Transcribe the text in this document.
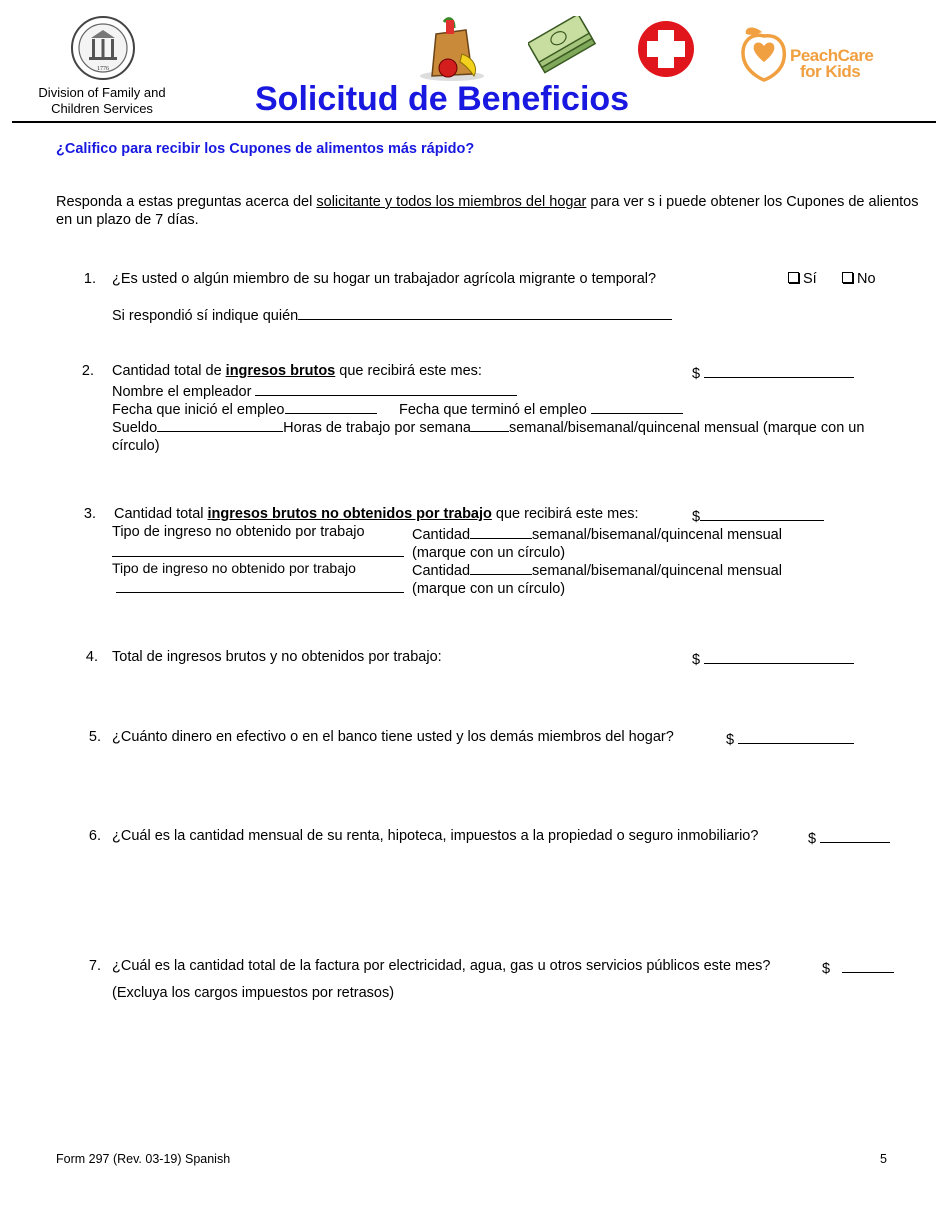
1776
Division of Family and
Children Services
PeachCare
for Kids
Solicitud de Beneficios
¿Califico para recibir los Cupones de alimentos más rápido?
Responda a estas preguntas acerca del solicitante y todos los miembros del hogar para ver s i puede obtener los Cupones de alientos en un plazo de 7 días.
1. ¿Es usted o algún miembro de su hogar un trabajador agrícola migrante o temporal?	Sí	No
Si respondió sí indique quién
2. Cantidad total de ingresos brutos que recibirá este mes:	$
Nombre el empleador
Fecha que inició el empleo	Fecha que terminó el empleo
Sueldo	Horas de trabajo por semana	semanal/bisemanal/quincenal mensual (marque con un
círculo)
3. Cantidad total ingresos brutos no obtenidos por trabajo que recibirá este mes:	$
Tipo de ingreso no obtenido por trabajo	Cantidad	semanal/bisemanal/quincenal mensual
(marque con un círculo)
Tipo de ingreso no obtenido por trabajo	Cantidad	semanal/bisemanal/quincenal mensual
(marque con un círculo)
4. Total de ingresos brutos y no obtenidos por trabajo:	$
5. ¿Cuánto dinero en efectivo o en el banco tiene usted y los demás miembros del hogar?	$
6. ¿Cuál es la cantidad mensual de su renta, hipoteca, impuestos a la propiedad o seguro inmobiliario?	$
7. ¿Cuál es la cantidad total de la factura por electricidad, agua, gas u otros servicios públicos este mes?	$
(Excluya los cargos impuestos por retrasos)
Form 297 (Rev. 03-19) Spanish	5
